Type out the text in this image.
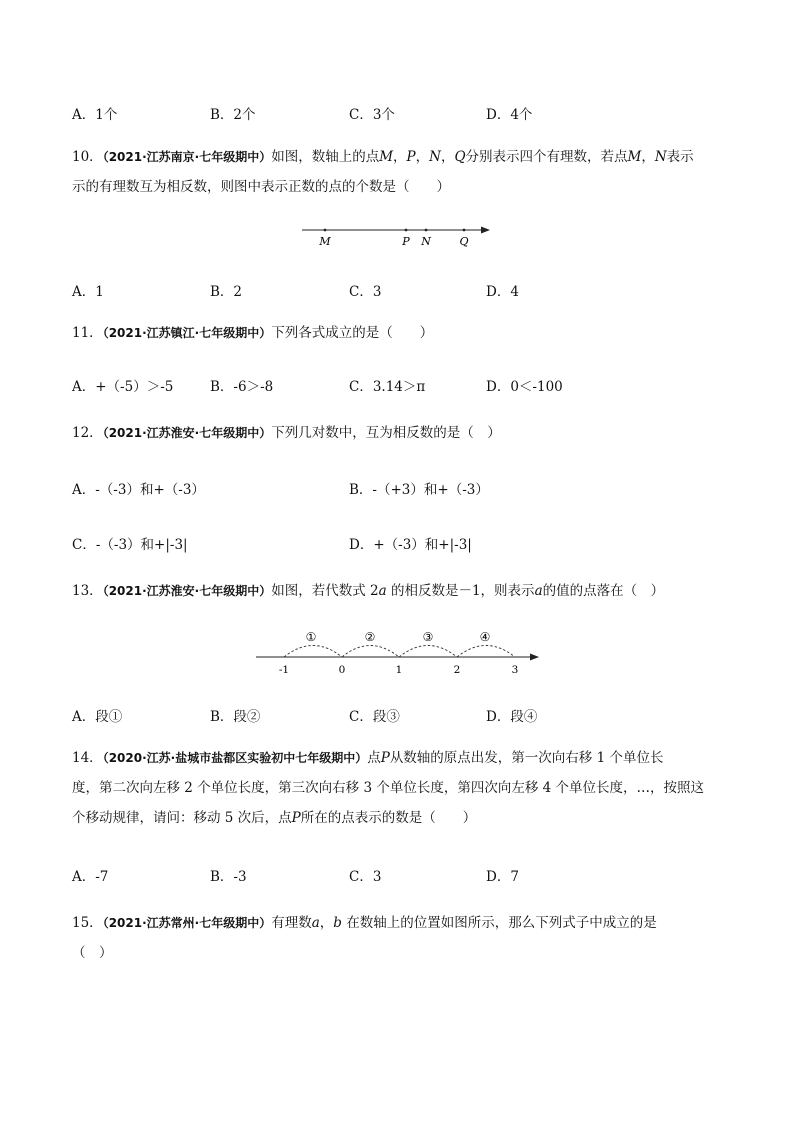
A．1个	B．2个	C．3个	D．4个
10．（2021·江苏南京·七年级期中）如图，数轴上的点M，P，N，Q分别表示四个有理数，若点M，N表示
示的有理数互为相反数，则图中表示正数的点的个数是（　　）
M	P N	Q
A．1	B．2	C．3	D．4
11．（2021·江苏镇江·七年级期中）下列各式成立的是（　　）
A．+（-5）＞-5	B．-6＞-8	C．3.14＞π	D．0＜-100
12．（2021·江苏淮安·七年级期中）下列几对数中，互为相反数的是（　）
A．-（-3）和+（-3）	B．-（+3）和+（-3）
C．-（-3）和+|-3|	D．+（-3）和+|-3|
13．（2021·江苏淮安·七年级期中）如图，若代数式 2a 的相反数是－1，则表示a的值的点落在（　）
①	②	③	④
-1	0	1	2	3
A．段①	B．段②	C．段③	D．段④
14．（2020·江苏·盐城市盐都区实验初中七年级期中）点P从数轴的原点出发，第一次向右移 1 个单位长
度，第二次向左移 2 个单位长度，第三次向右移 3 个单位长度，第四次向左移 4 个单位长度，…，按照这
个移动规律，请问：移动 5 次后，点P所在的点表示的数是（　　）
A．-7	B．-3	C．3	D．7
15．（2021·江苏常州·七年级期中）有理数a，b 在数轴上的位置如图所示，那么下列式子中成立的是
（　）
